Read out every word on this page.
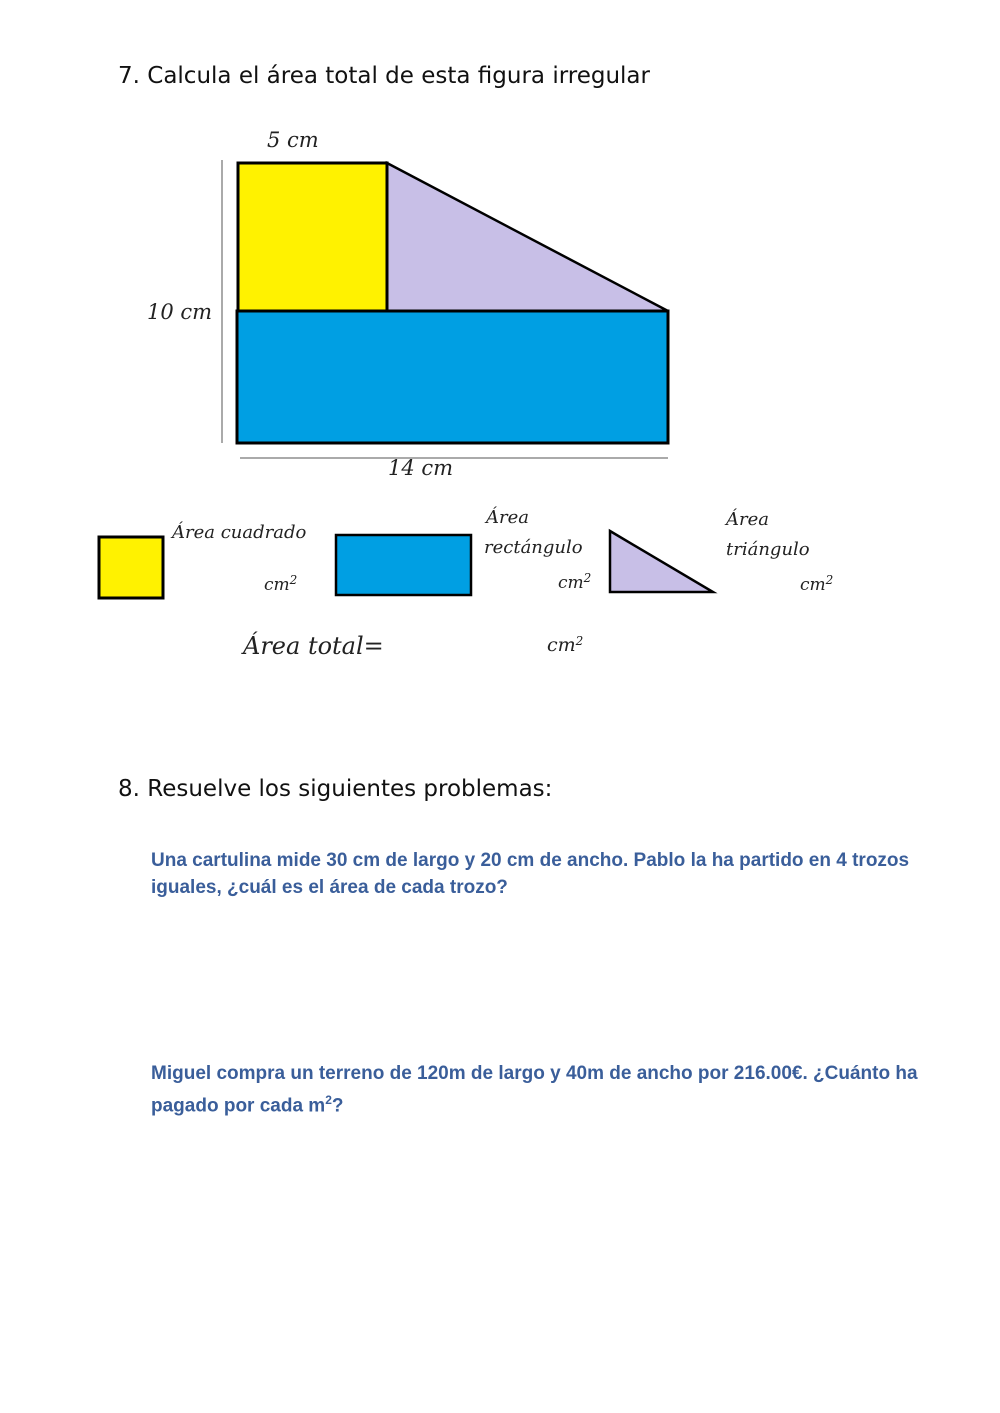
7. Calcula el área total de esta figura irregular
5 cm
10 cm
14 cm
Área cuadrado
$cm^2$
Área
rectángulo
$cm^2$
Área
triángulo
$cm^2$
Área total=	$cm^2$
8. Resuelve los siguientes problemas:
Una cartulina mide 30 cm de largo y 20 cm de ancho. Pablo la ha partido en 4 trozos iguales, ¿cuál es el área de cada trozo?
Miguel compra un terreno de 120m de largo y 40m de ancho por 216.00€. ¿Cuánto ha pagado por cada $m^2$?
